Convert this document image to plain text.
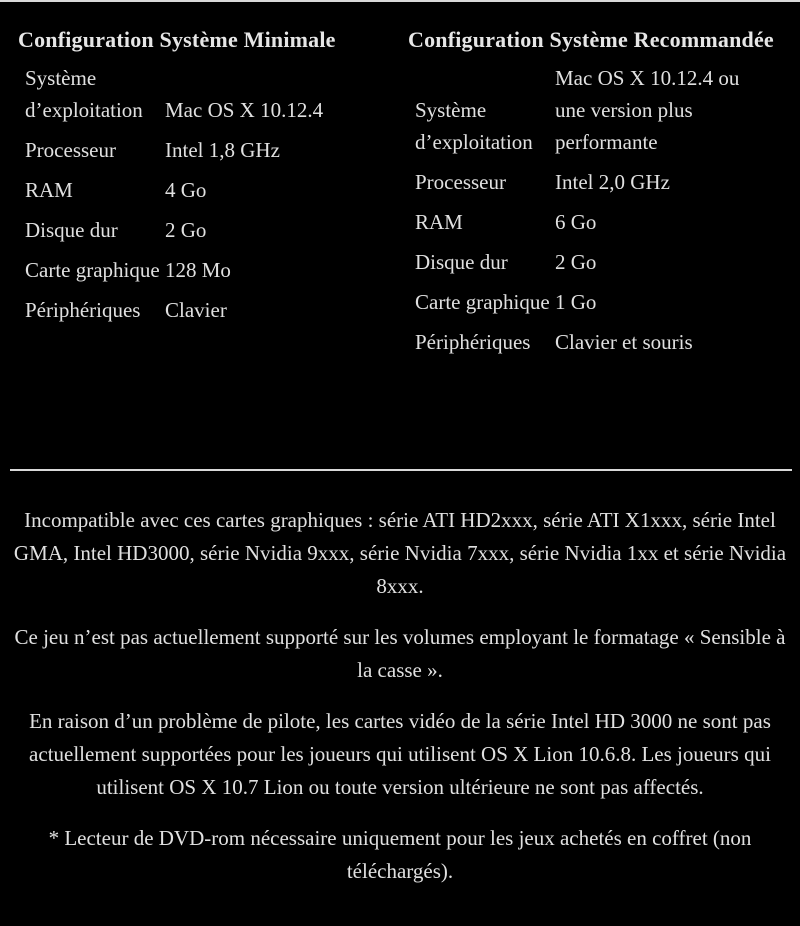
Configuration Système Minimale
Système d’exploitation	Mac OS X 10.12.4
Processeur	Intel 1,8 GHz
RAM	4 Go
Disque dur	2 Go
Carte graphique	128 Mo
Périphériques	Clavier
Configuration Système Recommandée
Système d’exploitation	Mac OS X 10.12.4 ou une version plus performante
Processeur	Intel 2,0 GHz
RAM	6 Go
Disque dur	2 Go
Carte graphique	1 Go
Périphériques	Clavier et souris

Incompatible avec ces cartes graphiques : série ATI HD2xxx, série ATI X1xxx, série Intel GMA, Intel HD3000, série Nvidia 9xxx, série Nvidia 7xxx, série Nvidia 1xx et série Nvidia 8xxx.

Ce jeu n’est pas actuellement supporté sur les volumes employant le formatage « Sensible à la casse ».

En raison d’un problème de pilote, les cartes vidéo de la série Intel HD 3000 ne sont pas actuellement supportées pour les joueurs qui utilisent OS X Lion 10.6.8. Les joueurs qui utilisent OS X 10.7 Lion ou toute version ultérieure ne sont pas affectés.

* Lecteur de DVD-rom nécessaire uniquement pour les jeux achetés en coffret (non téléchargés).
